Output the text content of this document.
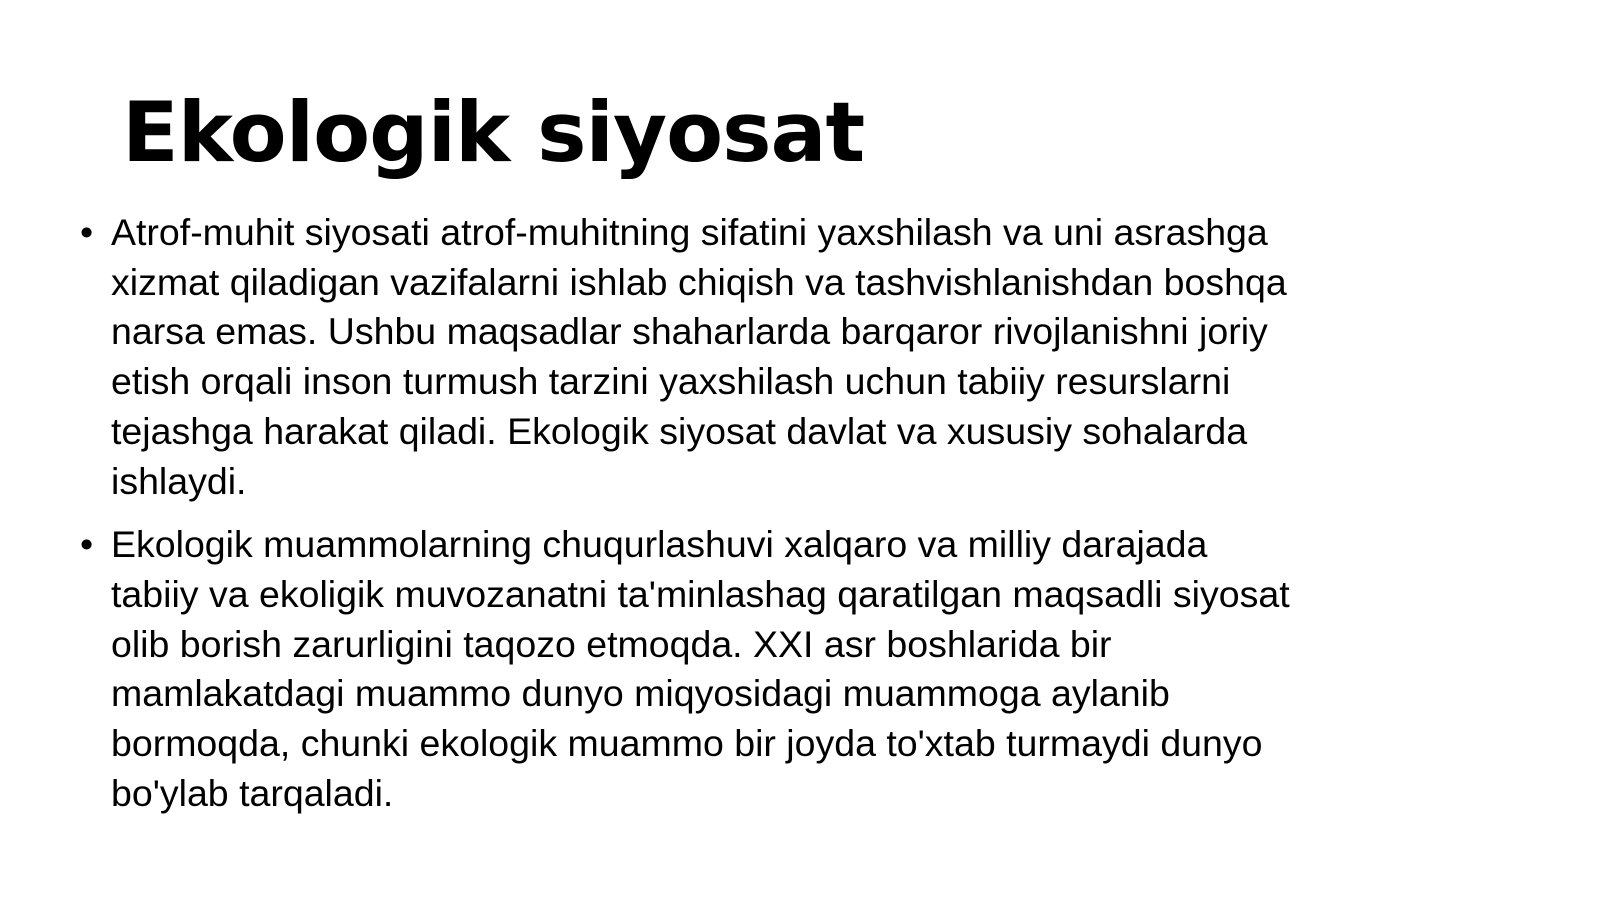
Ekologik siyosat
• Atrof-muhit siyosati atrof-muhitning sifatini yaxshilash va uni asrashga
xizmat qiladigan vazifalarni ishlab chiqish va tashvishlanishdan boshqa
narsa emas. Ushbu maqsadlar shaharlarda barqaror rivojlanishni joriy
etish orqali inson turmush tarzini yaxshilash uchun tabiiy resurslarni
tejashga harakat qiladi. Ekologik siyosat davlat va xususiy sohalarda
ishlaydi.
• Ekologik muammolarning chuqurlashuvi xalqaro va milliy darajada
tabiiy va ekoligik muvozanatni ta'minlashag qaratilgan maqsadli siyosat
olib borish zarurligini taqozo etmoqda. XXI asr boshlarida bir
mamlakatdagi muammo dunyo miqyosidagi muammoga aylanib
bormoqda, chunki ekologik muammo bir joyda to'xtab turmaydi dunyo
bo'ylab tarqaladi.
